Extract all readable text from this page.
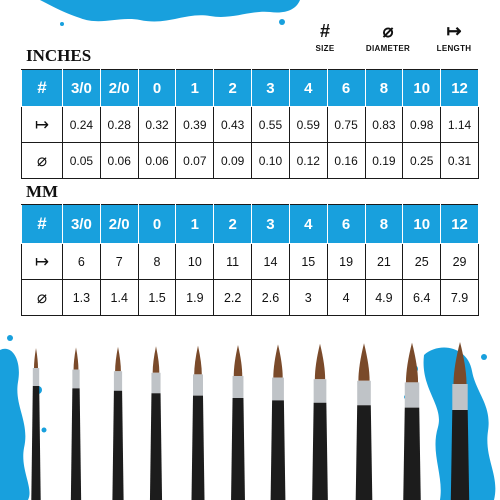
#
SIZE
⌀
DIAMETER
↦
LENGTH
INCHES
#	3/0	2/0	0	1	2	3	4	6	8	10	12
↦	0.24	0.28	0.32	0.39	0.43	0.55	0.59	0.75	0.83	0.98	1.14
⌀	0.05	0.06	0.06	0.07	0.09	0.10	0.12	0.16	0.19	0.25	0.31
MM
#	3/0	2/0	0	1	2	3	4	6	8	10	12
↦	6	7	8	10	11	14	15	19	21	25	29
⌀	1.3	1.4	1.5	1.9	2.2	2.6	3	4	4.9	6.4	7.9
